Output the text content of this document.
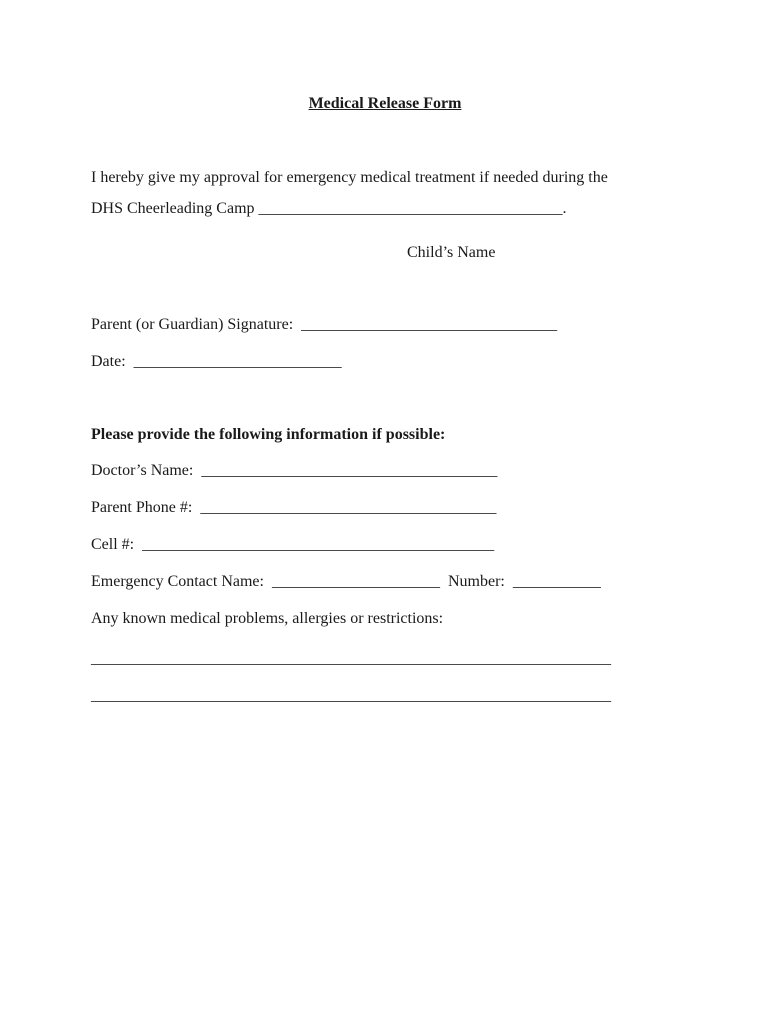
Medical Release Form
I hereby give my approval for emergency medical treatment if needed during the
DHS Cheerleading Camp ______________________________________.
Child’s Name
Parent (or Guardian) Signature:  ________________________________
Date:  __________________________
Please provide the following information if possible:
Doctor’s Name:  _____________________________________
Parent Phone #:  _____________________________________
Cell #:  ____________________________________________
Emergency Contact Name:  _____________________  Number:  ___________
Any known medical problems, allergies or restrictions:
_________________________________________________________________
_________________________________________________________________
